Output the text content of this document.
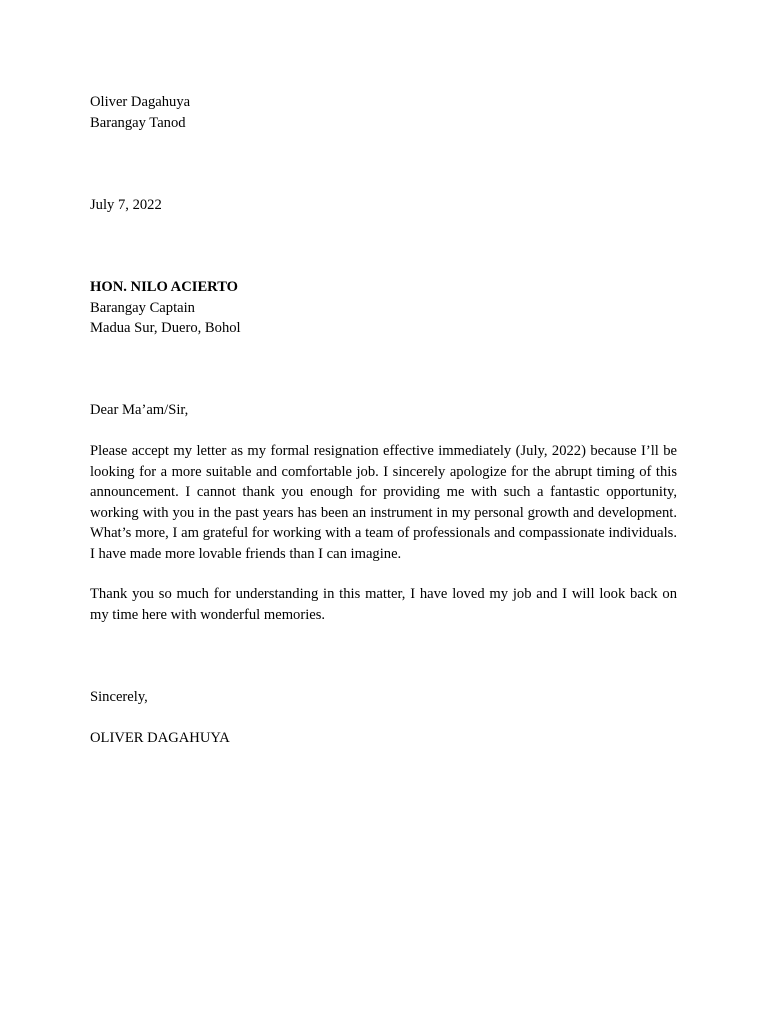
Oliver Dagahuya
Barangay Tanod
July 7, 2022
HON. NILO ACIERTO
Barangay Captain
Madua Sur, Duero, Bohol
Dear Ma’am/Sir,

Please accept my letter as my formal resignation effective immediately (July, 2022) because I’ll be looking for a more suitable and comfortable job. I sincerely apologize for the abrupt timing of this announcement. I cannot thank you enough for providing me with such a fantastic opportunity, working with you in the past years has been an instrument in my personal growth and development. What’s more, I am grateful for working with a team of professionals and compassionate individuals. I have made more lovable friends than I can imagine.

Thank you so much for understanding in this matter, I have loved my job and I will look back on my time here with wonderful memories.

Sincerely,
OLIVER DAGAHUYA
